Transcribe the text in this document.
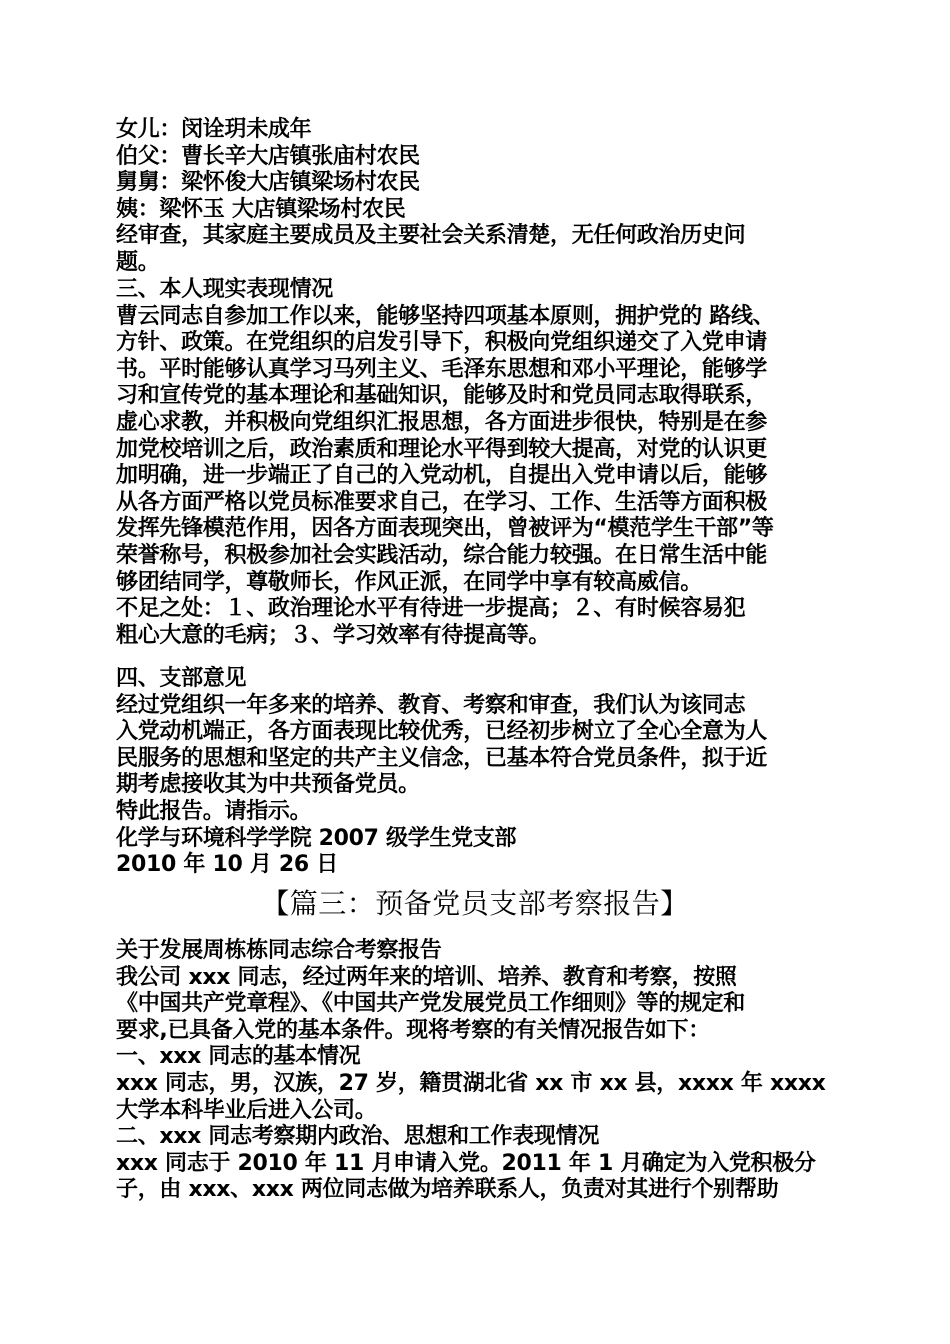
女儿：闵诠玥未成年
伯父：曹长辛大店镇张庙村农民
舅舅：梁怀俊大店镇梁场村农民
姨：梁怀玉 大店镇梁场村农民
经审查，其家庭主要成员及主要社会关系清楚，无任何政治历史问
题。
三、本人现实表现情况
曹云同志自参加工作以来，能够坚持四项基本原则，拥护党的 路线、
方针、政策。在党组织的启发引导下，积极向党组织递交了入党申请
书。平时能够认真学习马列主义、毛泽东思想和邓小平理论，能够学
习和宣传党的基本理论和基础知识，能够及时和党员同志取得联系，
虚心求教，并积极向党组织汇报思想，各方面进步很快，特别是在参
加党校培训之后，政治素质和理论水平得到较大提高，对党的认识更
加明确，进一步端正了自己的入党动机，自提出入党申请以后，能够
从各方面严格以党员标准要求自己，在学习、工作、生活等方面积极
发挥先锋模范作用，因各方面表现突出，曾被评为“模范学生干部”等
荣誉称号，积极参加社会实践活动，综合能力较强。在日常生活中能
够团结同学，尊敬师长，作风正派，在同学中享有较高威信。
不足之处：１、政治理论水平有待进一步提高；２、有时候容易犯
粗心大意的毛病；３、学习效率有待提高等。
四、支部意见
经过党组织一年多来的培养、教育、考察和审查，我们认为该同志
入党动机端正，各方面表现比较优秀，已经初步树立了全心全意为人
民服务的思想和坚定的共产主义信念，已基本符合党员条件，拟于近
期考虑接收其为中共预备党员。
特此报告。请指示。
化学与环境科学学院 2007 级学生党支部
2010 年 10 月 26 日
【篇三：预备党员支部考察报告】
关于发展周栋栋同志综合考察报告
我公司 xxx 同志，经过两年来的培训、培养、教育和考察，按照
《中国共产党章程》、《中国共产党发展党员工作细则》等的规定和
要求,已具备入党的基本条件。现将考察的有关情况报告如下：
一、xxx 同志的基本情况
xxx 同志，男，汉族，27 岁，籍贯湖北省 xx 市 xx 县，xxxx 年 xxxx
大学本科毕业后进入公司。
二、xxx 同志考察期内政治、思想和工作表现情况
xxx 同志于 2010 年 11 月申请入党。2011 年 1 月确定为入党积极分
子，由 xxx、xxx 两位同志做为培养联系人，负责对其进行个别帮助
